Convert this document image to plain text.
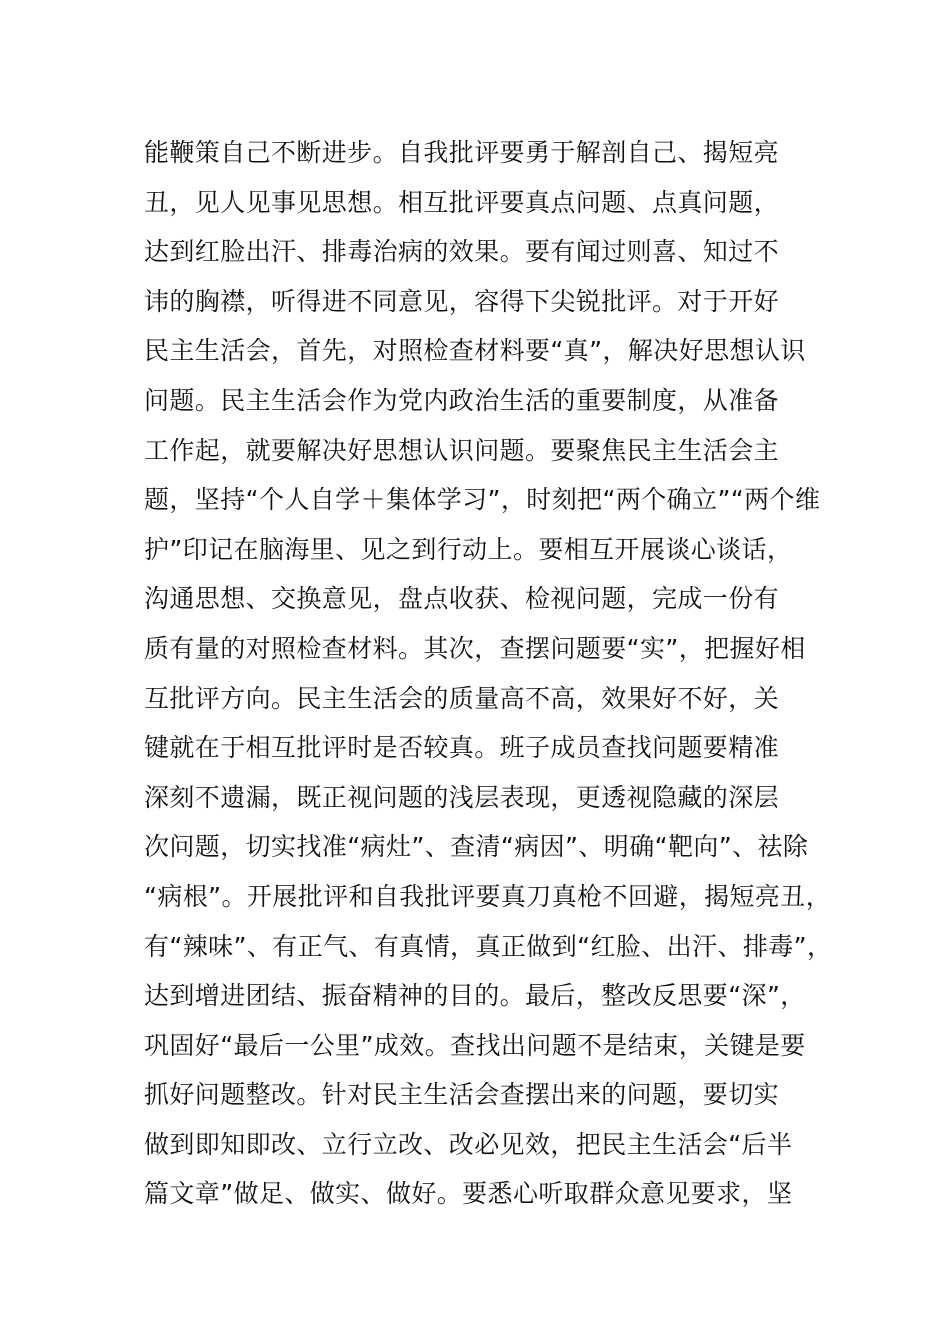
能鞭策自己不断进步。自我批评要勇于解剖自己、揭短亮
丑，见人见事见思想。相互批评要真点问题、点真问题，
达到红脸出汗、排毒治病的效果。要有闻过则喜、知过不
讳的胸襟，听得进不同意见，容得下尖锐批评。对于开好
民主生活会，首先，对照检查材料要“真”，解决好思想认识
问题。民主生活会作为党内政治生活的重要制度，从准备
工作起，就要解决好思想认识问题。要聚焦民主生活会主
题，坚持“个人自学＋集体学习”，时刻把“两个确立”“两个维
护”印记在脑海里、见之到行动上。要相互开展谈心谈话，
沟通思想、交换意见，盘点收获、检视问题，完成一份有
质有量的对照检查材料。其次，查摆问题要“实”，把握好相
互批评方向。民主生活会的质量高不高，效果好不好，关
键就在于相互批评时是否较真。班子成员查找问题要精准
深刻不遗漏，既正视问题的浅层表现，更透视隐藏的深层
次问题，切实找准“病灶”、查清“病因”、明确“靶向”、祛除
“病根”。开展批评和自我批评要真刀真枪不回避，揭短亮丑，
有“辣味”、有正气、有真情，真正做到“红脸、出汗、排毒”，
达到增进团结、振奋精神的目的。最后，整改反思要“深”，
巩固好“最后一公里”成效。查找出问题不是结束，关键是要
抓好问题整改。针对民主生活会查摆出来的问题，要切实
做到即知即改、立行立改、改必见效，把民主生活会“后半
篇文章”做足、做实、做好。要悉心听取群众意见要求，坚
